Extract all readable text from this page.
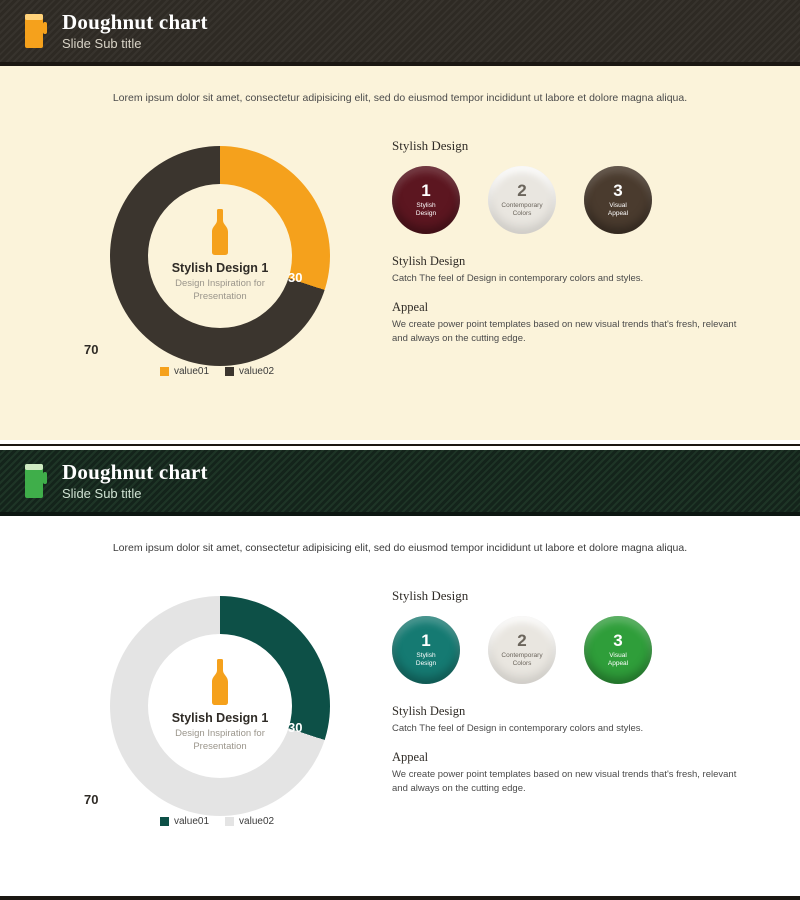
Doughnut chart
Slide Sub title
Lorem ipsum dolor sit amet, consectetur adipisicing elit, sed do eiusmod tempor incididunt ut labore et dolore magna aliqua.
Stylish Design 1
Design Inspiration for
Presentation
30
70
value01	value02
Stylish Design
1
Stylish
Design
2
Contemporary
Colors
3
Visual
Appeal
Stylish Design

Catch The feel of Design in contemporary colors and styles.

Appeal

We create power point templates based on new visual trends that's fresh, relevant and always on the cutting edge.

Doughnut chart
Slide Sub title
Lorem ipsum dolor sit amet, consectetur adipisicing elit, sed do eiusmod tempor incididunt ut labore et dolore magna aliqua.
Stylish Design 1
Design Inspiration for
Presentation
30
70
value01	value02
Stylish Design
1
Stylish
Design
2
Contemporary
Colors
3
Visual
Appeal
Stylish Design

Catch The feel of Design in contemporary colors and styles.

Appeal

We create power point templates based on new visual trends that's fresh, relevant and always on the cutting edge.
